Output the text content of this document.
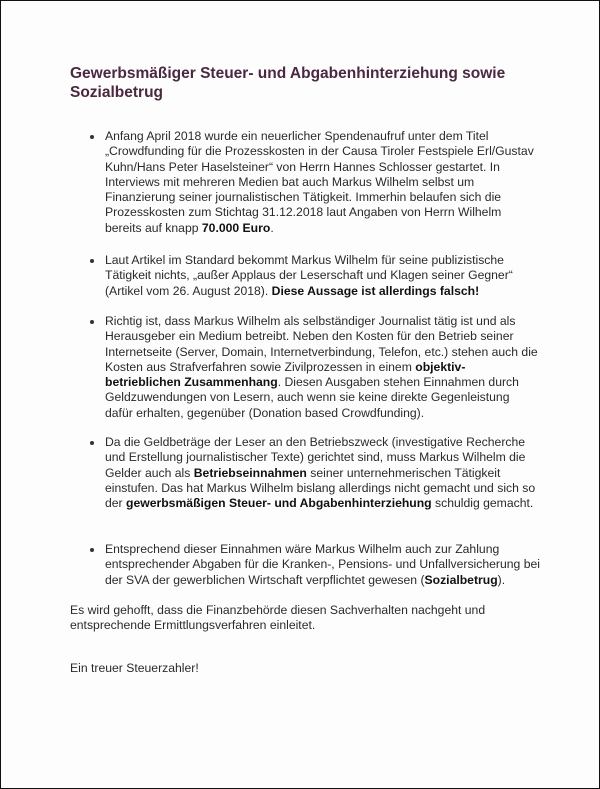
Gewerbsmäßiger Steuer- und Abgabenhinterziehung sowie Sozialbetrug
Anfang April 2018 wurde ein neuerlicher Spendenaufruf unter dem Titel „Crowdfunding für die Prozesskosten in der Causa Tiroler Festspiele Erl/Gustav Kuhn/Hans Peter Haselsteiner“ von Herrn Hannes Schlosser gestartet. In Interviews mit mehreren Medien bat auch Markus Wilhelm selbst um Finanzierung seiner journalistischen Tätigkeit. Immerhin belaufen sich die Prozesskosten zum Stichtag 31.12.2018 laut Angaben von Herrn Wilhelm bereits auf knapp 70.000 Euro.
Laut Artikel im Standard bekommt Markus Wilhelm für seine publizistische Tätigkeit nichts, „außer Applaus der Leserschaft und Klagen seiner Gegner“ (Artikel vom 26. August 2018). Diese Aussage ist allerdings falsch!
Richtig ist, dass Markus Wilhelm als selbständiger Journalist tätig ist und als Herausgeber ein Medium betreibt. Neben den Kosten für den Betrieb seiner Internetseite (Server, Domain, Internetverbindung, Telefon, etc.) stehen auch die Kosten aus Strafverfahren sowie Zivilprozessen in einem objektiv-betrieblichen Zusammenhang. Diesen Ausgaben stehen Einnahmen durch Geldzuwendungen von Lesern, auch wenn sie keine direkte Gegenleistung dafür erhalten, gegenüber (Donation based Crowdfunding).
Da die Geldbeträge der Leser an den Betriebszweck (investigative Recherche und Erstellung journalistischer Texte) gerichtet sind, muss Markus Wilhelm die Gelder auch als Betriebseinnahmen seiner unternehmerischen Tätigkeit einstufen. Das hat Markus Wilhelm bislang allerdings nicht gemacht und sich so der gewerbsmäßigen Steuer- und Abgabenhinterziehung schuldig gemacht.
Entsprechend dieser Einnahmen wäre Markus Wilhelm auch zur Zahlung entsprechender Abgaben für die Kranken-, Pensions- und Unfallversicherung bei der SVA der gewerblichen Wirtschaft verpflichtet gewesen (Sozialbetrug).
Es wird gehofft, dass die Finanzbehörde diesen Sachverhalten nachgeht und entsprechende Ermittlungsverfahren einleitet.
Ein treuer Steuerzahler!
